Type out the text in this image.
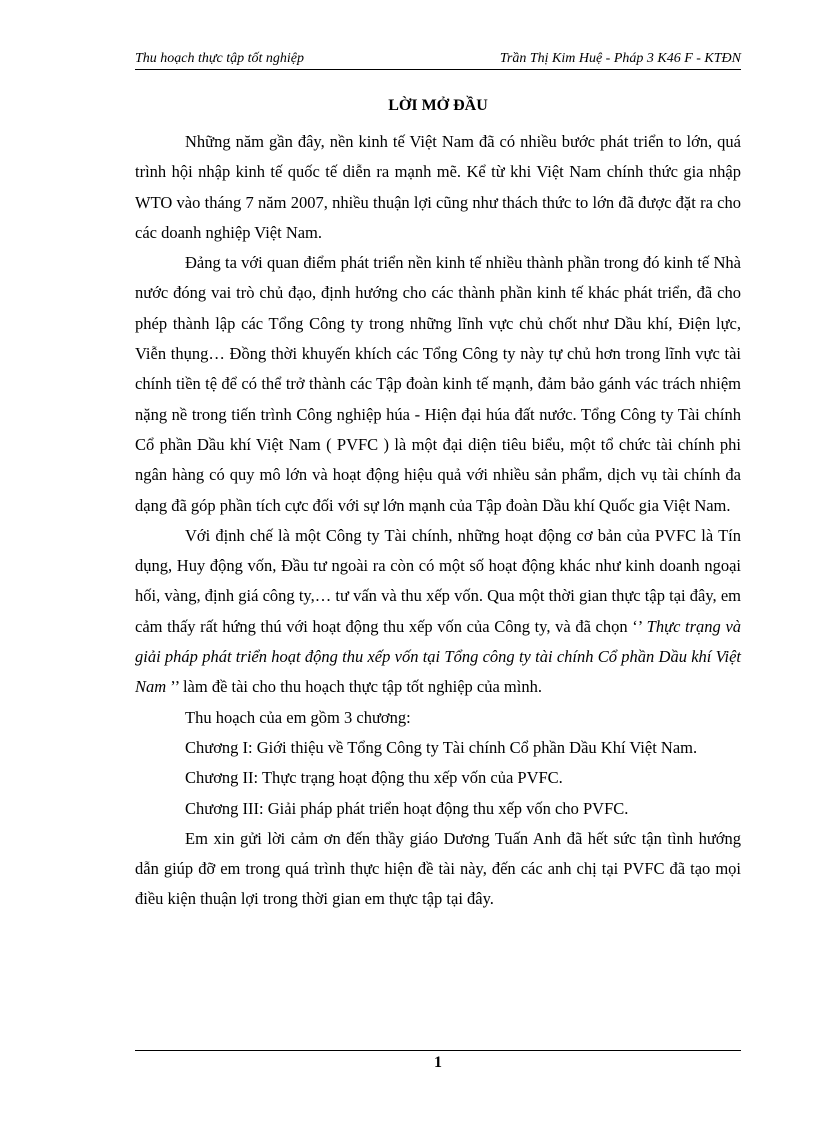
Thu hoạch thực tập tốt nghiệp	Trần Thị Kim Huệ - Pháp 3 K46 F - KTĐN
LỜI MỞ ĐẦU

Những năm gần đây, nền kinh tế Việt Nam đã có nhiều bước phát triển to lớn, quá trình hội nhập kinh tế quốc tế diễn ra mạnh mẽ. Kể từ khi Việt Nam chính thức gia nhập WTO vào tháng 7 năm 2007, nhiều thuận lợi cũng như thách thức to lớn đã được đặt ra cho các doanh nghiệp Việt Nam.

Đảng ta với quan điểm phát triển nền kinh tế nhiều thành phần trong đó kinh tế Nhà nước đóng vai trò chủ đạo, định hướng cho các thành phần kinh tế khác phát triển, đã cho phép thành lập các Tổng Công ty trong những lĩnh vực chủ chốt như Dầu khí, Điện lực, Viễn thụng… Đồng thời khuyến khích các Tổng Công ty này tự chủ hơn trong lĩnh vực tài chính tiền tệ để có thể trở thành các Tập đoàn kinh tế mạnh, đảm bảo gánh vác trách nhiệm nặng nề trong tiến trình Công nghiệp húa - Hiện đại húa đất nước. Tổng Công ty Tài chính Cổ phần Dầu khí Việt Nam ( PVFC ) là một đại diện tiêu biểu, một tổ chức tài chính phi ngân hàng có quy mô lớn và hoạt động hiệu quả với nhiều sản phẩm, dịch vụ tài chính đa dạng đã góp phần tích cực đối với sự lớn mạnh của Tập đoàn Dầu khí Quốc gia Việt Nam.

Với định chế là một Công ty Tài chính, những hoạt động cơ bản của PVFC là Tín dụng, Huy động vốn, Đầu tư ngoài ra còn có một số hoạt động khác như kinh doanh ngoại hối, vàng, định giá công ty,… tư vấn và thu xếp vốn. Qua một thời gian thực tập tại đây, em cảm thấy rất hứng thú với hoạt động thu xếp vốn của Công ty, và đã chọn ‘’ Thực trạng và giải pháp phát triển hoạt động thu xếp vốn tại Tổng công ty tài chính Cổ phần Dầu khí Việt Nam ’’ làm đề tài cho thu hoạch thực tập tốt nghiệp của mình.

Thu hoạch của em gồm 3 chương:

Chương I: Giới thiệu về Tổng Công ty Tài chính Cổ phần Dầu Khí Việt Nam.

Chương II: Thực trạng hoạt động thu xếp vốn của PVFC.

Chương III: Giải pháp phát triển hoạt động thu xếp vốn cho PVFC.

Em xin gửi lời cảm ơn đến thầy giáo Dương Tuấn Anh đã hết sức tận tình hướng dẫn giúp đỡ em trong quá trình thực hiện đề tài này, đến các anh chị tại PVFC đã tạo mọi điều kiện thuận lợi trong thời gian em thực tập tại đây.

1
